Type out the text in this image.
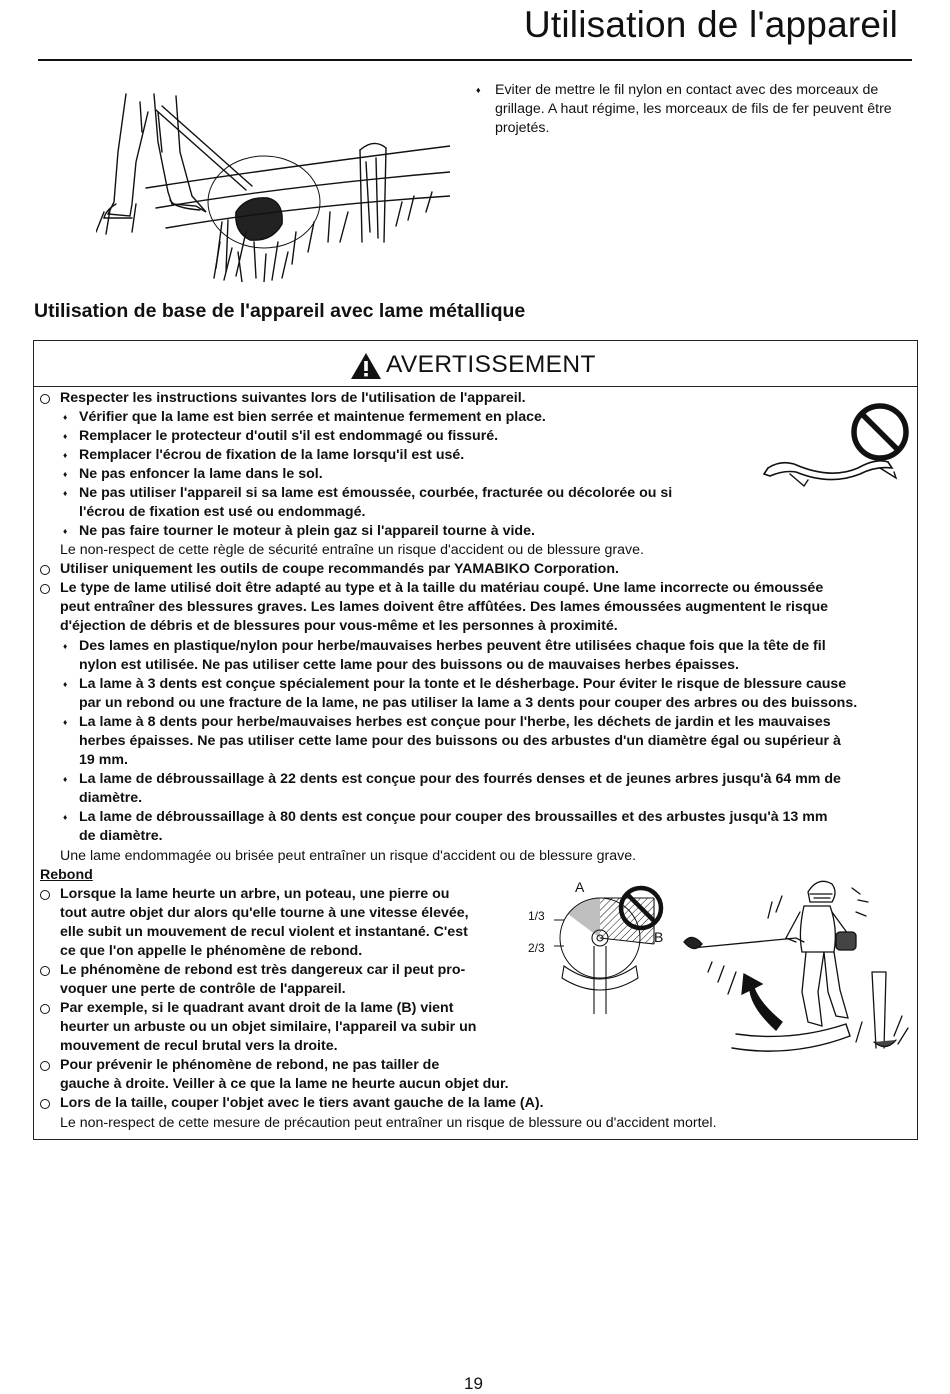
Utilisation de l'appareil
♦ Eviter de mettre le fil nylon en contact avec des morceaux de grillage. A haut régime, les morceaux de fils de fer peuvent être projetés.
Utilisation de base de l'appareil avec lame métallique
AVERTISSEMENT
Respecter les instructions suivantes lors de l'utilisation de l'appareil.
♦ Vérifier que la lame est bien serrée et maintenue fermement en place.
♦ Remplacer le protecteur d'outil s'il est endommagé ou fissuré.
♦ Remplacer l'écrou de fixation de la lame lorsqu'il est usé.
♦ Ne pas enfoncer la lame dans le sol.
♦ Ne pas utiliser l'appareil si sa lame est émoussée, courbée, fracturée ou décolorée ou si
l'écrou de fixation est usé ou endommagé.
♦ Ne pas faire tourner le moteur à plein gaz si l'appareil tourne à vide.
Le non-respect de cette règle de sécurité entraîne un risque d'accident ou de blessure grave.
Utiliser uniquement les outils de coupe recommandés par YAMABIKO Corporation.
Le type de lame utilisé doit être adapté au type et à la taille du matériau coupé. Une lame incorrecte ou émoussée
peut entraîner des blessures graves. Les lames doivent être affûtées. Des lames émoussées augmentent le risque
d'éjection de débris et de blessures pour vous-même et les personnes à proximité.
♦ Des lames en plastique/nylon pour herbe/mauvaises herbes peuvent être utilisées chaque fois que la tête de fil
nylon est utilisée. Ne pas utiliser cette lame pour des buissons ou de mauvaises herbes épaisses.
♦ La lame à 3 dents est conçue spécialement pour la tonte et le désherbage. Pour éviter le risque de blessure cause
par un rebond ou une fracture de la lame, ne pas utiliser la lame a 3 dents pour couper des arbres ou des buissons.
♦ La lame à 8 dents pour herbe/mauvaises herbes est conçue pour l'herbe, les déchets de jardin et les mauvaises
herbes épaisses. Ne pas utiliser cette lame pour des buissons ou des arbustes d'un diamètre égal ou supérieur à
19 mm.
♦ La lame de débroussaillage à 22 dents est conçue pour des fourrés denses et de jeunes arbres jusqu'à 64 mm de
diamètre.
♦ La lame de débroussaillage à 80 dents est conçue pour couper des broussailles et des arbustes jusqu'à 13 mm
de diamètre.
Une lame endommagée ou brisée peut entraîner un risque d'accident ou de blessure grave.
Rebond
Lorsque la lame heurte un arbre, un poteau, une pierre ou
tout autre objet dur alors qu'elle tourne à une vitesse élevée,
elle subit un mouvement de recul violent et instantané. C'est
ce que l'on appelle le phénomène de rebond.
Le phénomène de rebond est très dangereux car il peut pro-
voquer une perte de contrôle de l'appareil.
Par exemple, si le quadrant avant droit de la lame (B) vient
heurter un arbuste ou un objet similaire, l'appareil va subir un
mouvement de recul brutal vers la droite.
Pour prévenir le phénomène de rebond, ne pas tailler de
gauche à droite. Veiller à ce que la lame ne heurte aucun objet dur.
Lors de la taille, couper l'objet avec le tiers avant gauche de la lame (A).
Le non-respect de cette mesure de précaution peut entraîner un risque de blessure ou d'accident mortel.
A
B
1/3
2/3
19
